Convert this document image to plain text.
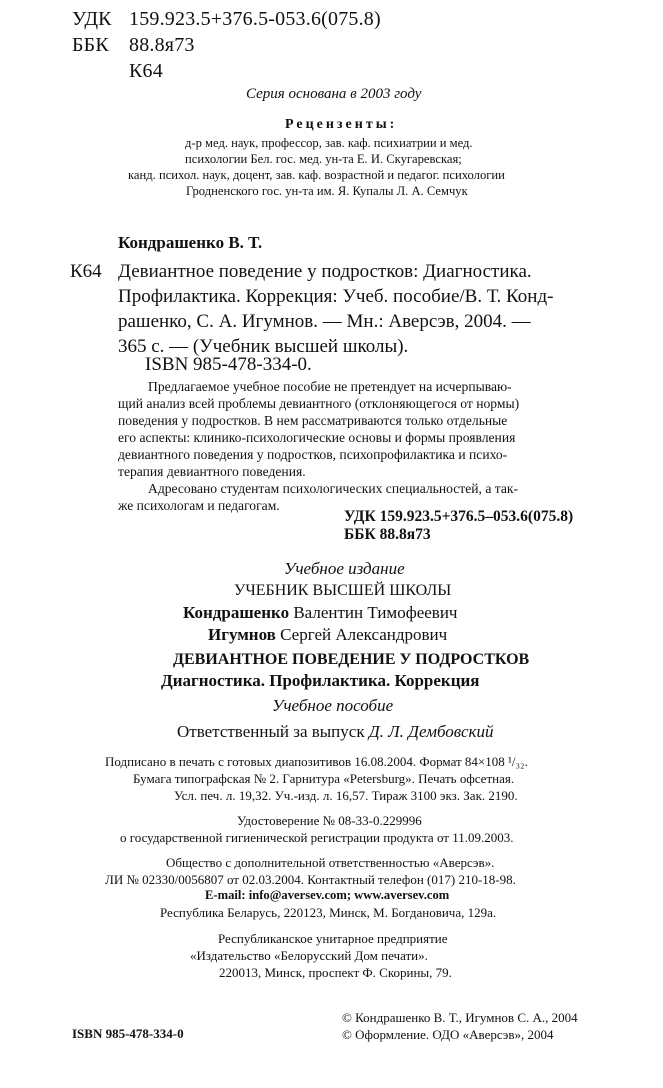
УДК 159.923.5+376.5-053.6(075.8)
ББК 88.8я73
К64
Серия основана в 2003 году
Рецензенты:
д-р мед. наук, профессор, зав. каф. психиатрии и мед.
психологии Бел. гос. мед. ун-та Е. И. Скугаревская;
канд. психол. наук, доцент, зав. каф. возрастной и педагог. психологии
Гродненского гос. ун-та им. Я. Купалы Л. А. Семчук
Кондрашенко В. Т.
К64 Девиантное поведение у подростков: Диагностика.
Профилактика. Коррекция: Учеб. пособие/В. Т. Конд-
рашенко, С. А. Игумнов. — Мн.: Аверсэв, 2004. —
365 с. — (Учебник высшей школы).
ISBN 985-478-334-0.
Предлагаемое учебное пособие не претендует на исчерпываю-
щий анализ всей проблемы девиантного (отклоняющегося от нормы)
поведения у подростков. В нем рассматриваются только отдельные
его аспекты: клинико-психологические основы и формы проявления
девиантного поведения у подростков, психопрофилактика и психо-
терапия девиантного поведения.
Адресовано студентам психологических специальностей, а так-
же психологам и педагогам.
УДК 159.923.5+376.5–053.6(075.8)
ББК 88.8я73
Учебное издание
УЧЕБНИК ВЫСШЕЙ ШКОЛЫ
Кондрашенко Валентин Тимофеевич
Игумнов Сергей Александрович
ДЕВИАНТНОЕ ПОВЕДЕНИЕ У ПОДРОСТКОВ
Диагностика. Профилактика. Коррекция
Учебное пособие
Ответственный за выпуск Д. Л. Дембовский
Подписано в печать с готовых диапозитивов 16.08.2004. Формат 84×108 ¹/₃₂.
Бумага типографская № 2. Гарнитура «Petersburg». Печать офсетная.
Усл. печ. л. 19,32. Уч.-изд. л. 16,57. Тираж 3100 экз. Зак. 2190.
Удостоверение № 08-33-0.229996
о государственной гигиенической регистрации продукта от 11.09.2003.
Общество с дополнительной ответственностью «Аверсэв».
ЛИ № 02330/0056807 от 02.03.2004. Контактный телефон (017) 210-18-98.
E-mail: info@aversev.com; www.aversev.com
Республика Беларусь, 220123, Минск, М. Богдановича, 129а.
Республиканское унитарное предприятие
«Издательство «Белорусский Дом печати».
220013, Минск, проспект Ф. Скорины, 79.
ISBN 985-478-334-0
© Кондрашенко В. Т., Игумнов С. А., 2004
© Оформление. ОДО «Аверсэв», 2004
